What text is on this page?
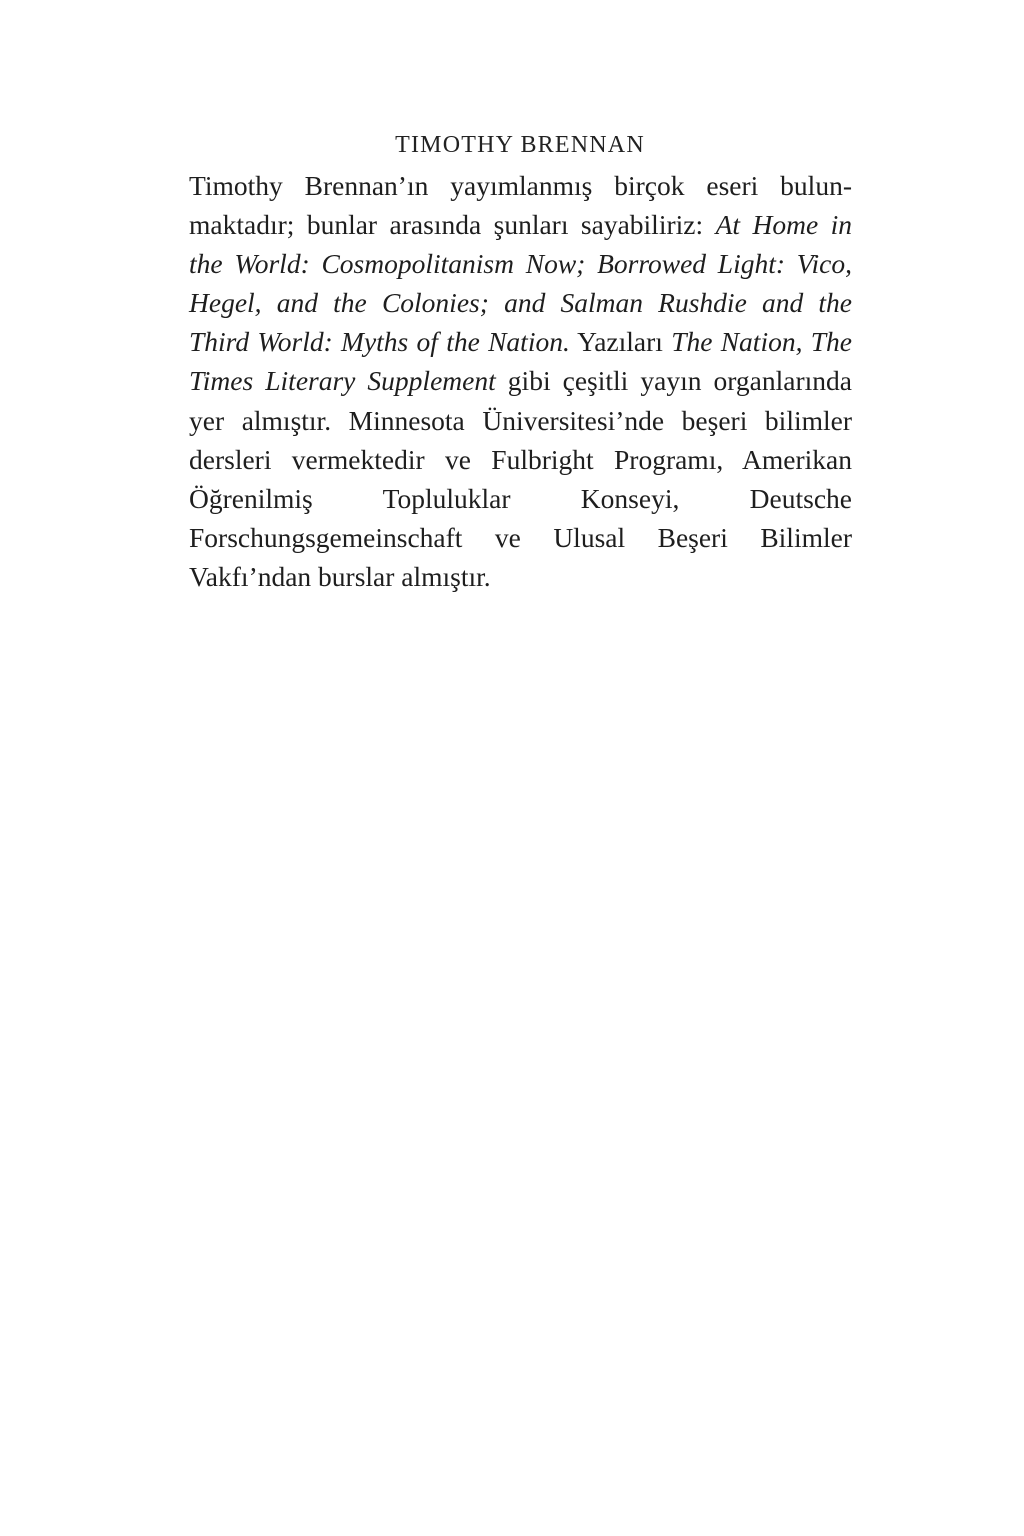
TIMOTHY BRENNAN

Timothy Brennan’ın yayımlanmış birçok eseri bulunmaktadır; bunlar arasında şunları sayabiliriz: At Home in the World: Cosmopolitanism Now; Borrowed Light: Vico, Hegel, and the Colonies; and Salman Rushdie and the Third World: Myths of the Nation. Yazıları The Nation, The Times Literary Supplement gibi çeşitli yayın organlarında yer almıştır. Minnesota Üniversitesi’nde beşeri bilimler dersleri vermektedir ve Fulbright Programı, Amerikan Öğrenilmiş Topluluklar Konseyi, Deutsche Forschungsgemeinschaft ve Ulusal Beşeri Bilimler Vakfı’ndan burslar almıştır.
